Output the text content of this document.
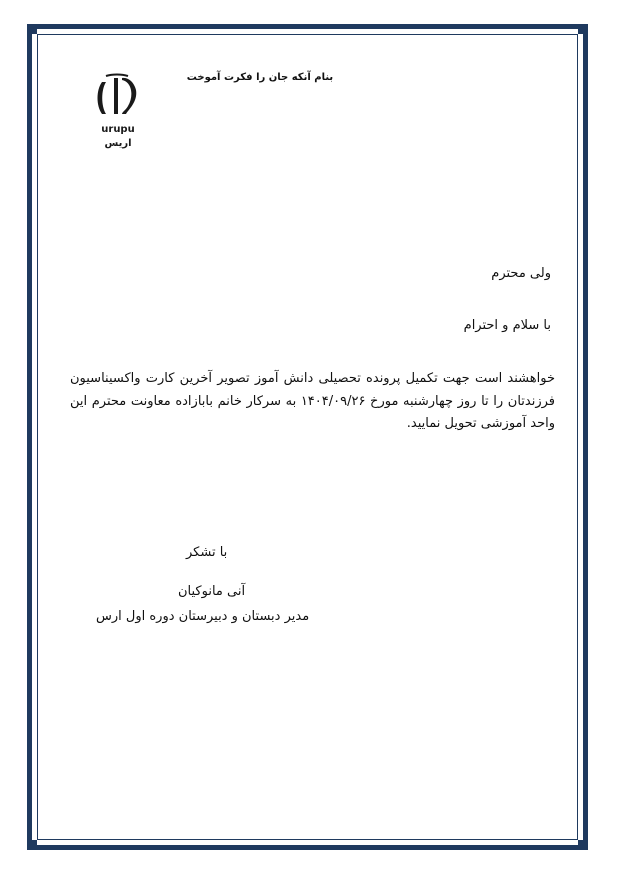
urupu
اریس
بنام آنکه جان را فکرت آموخت
ولی محترم
با سلام و احترام
خواهشند است جهت تکمیل پرونده تحصیلی دانش آموز تصویر آخرین کارت واکسیناسیون فرزندتان را تا روز چهارشنبه مورخ ۱۴۰۴/۰۹/۲۶ به سرکار خانم بابازاده معاونت محترم این واحد آموزشی تحویل نمایید.
با تشکر
آنی مانوکیان
مدیر دبستان و دبیرستان دوره اول ارس
